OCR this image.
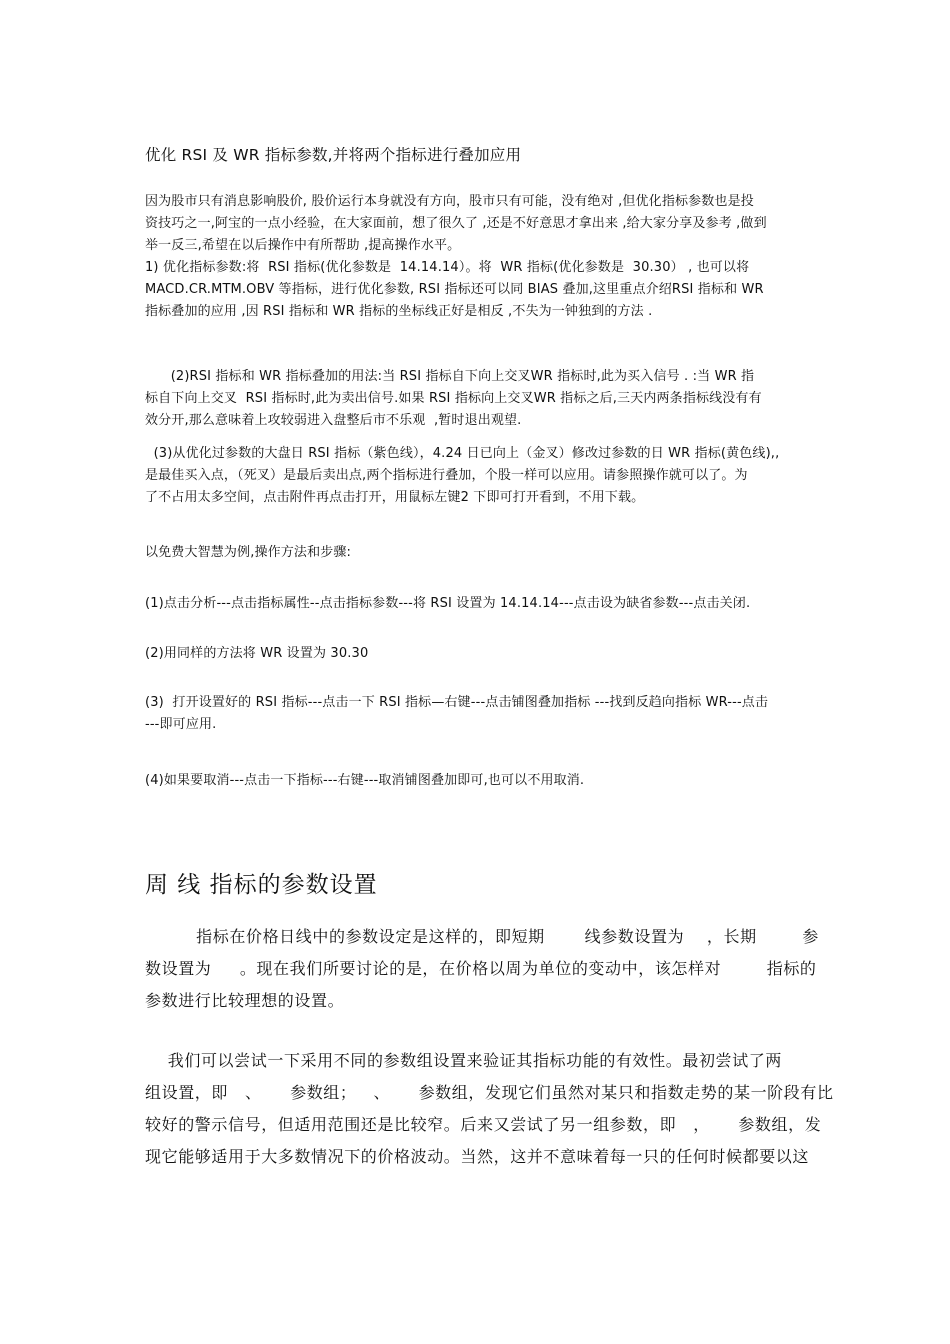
优化 RSI 及 WR 指标参数,并将两个指标进行叠加应用
因为股市只有消息影响股价, 股价运行本身就没有方向，股市只有可能，没有绝对 ,但优化指标参数也是投
资技巧之一,阿宝的一点小经验，在大家面前，想了很久了 ,还是不好意思才拿出来 ,给大家分享及参考 ,做到
举一反三,希望在以后操作中有所帮助 ,提高操作水平。
1) 优化指标参数:将  RSI 指标(优化参数是  14.14.14）。将  WR 指标(优化参数是  30.30） , 也可以将
MACD.CR.MTM.OBV 等指标，进行优化参数, RSI 指标还可以同 BIAS 叠加,这里重点介绍RSI 指标和 WR
指标叠加的应用 ,因 RSI 指标和 WR 指标的坐标线正好是相反 ,不失为一钟独到的方法 .
(2)RSI 指标和 WR 指标叠加的用法:当 RSI 指标自下向上交叉WR 指标时,此为买入信号 . :当 WR 指
标自下向上交叉  RSI 指标时,此为卖出信号.如果 RSI 指标向上交叉WR 指标之后,三天内两条指标线没有有
效分开,那么意味着上攻较弱进入盘整后市不乐观  ,暂时退出观望.
(3)从优化过参数的大盘日 RSI 指标（紫色线），4.24 日已向上（金叉）修改过参数的日 WR 指标(黄色线),,
是最佳买入点，（死叉）是最后卖出点,两个指标进行叠加，个股一样可以应用。请参照操作就可以了。为
了不占用太多空间，点击附件再点击打开，用鼠标左键2 下即可打开看到，不用下载。
以免费大智慧为例,操作方法和步骤:
(1)点击分析---点击指标属性--点击指标参数---将 RSI 设置为 14.14.14---点击设为缺省参数---点击关闭.
(2)用同样的方法将 WR 设置为 30.30
(3)  打开设置好的 RSI 指标---点击一下 RSI 指标—右键---点击铺图叠加指标 ---找到反趋向指标 WR---点击
---即可应用.
(4)如果要取消---点击一下指标---右键---取消铺图叠加即可,也可以不用取消.
周 线 指标的参数设置
指标在价格日线中的参数设定是这样的，即短期       线参数设置为    ，长期        参
数设置为     。现在我们所要讨论的是，在价格以周为单位的变动中，该怎样对        指标的
参数进行比较理想的设置。
我们可以尝试一下采用不同的参数组设置来验证其指标功能的有效性。最初尝试了两
组设置，即   、     参数组；   、     参数组，发现它们虽然对某只和指数走势的某一阶段有比
较好的警示信号，但适用范围还是比较窄。后来又尝试了另一组参数，即   ，     参数组，发
现它能够适用于大多数情况下的价格波动。当然，这并不意味着每一只的任何时候都要以这
